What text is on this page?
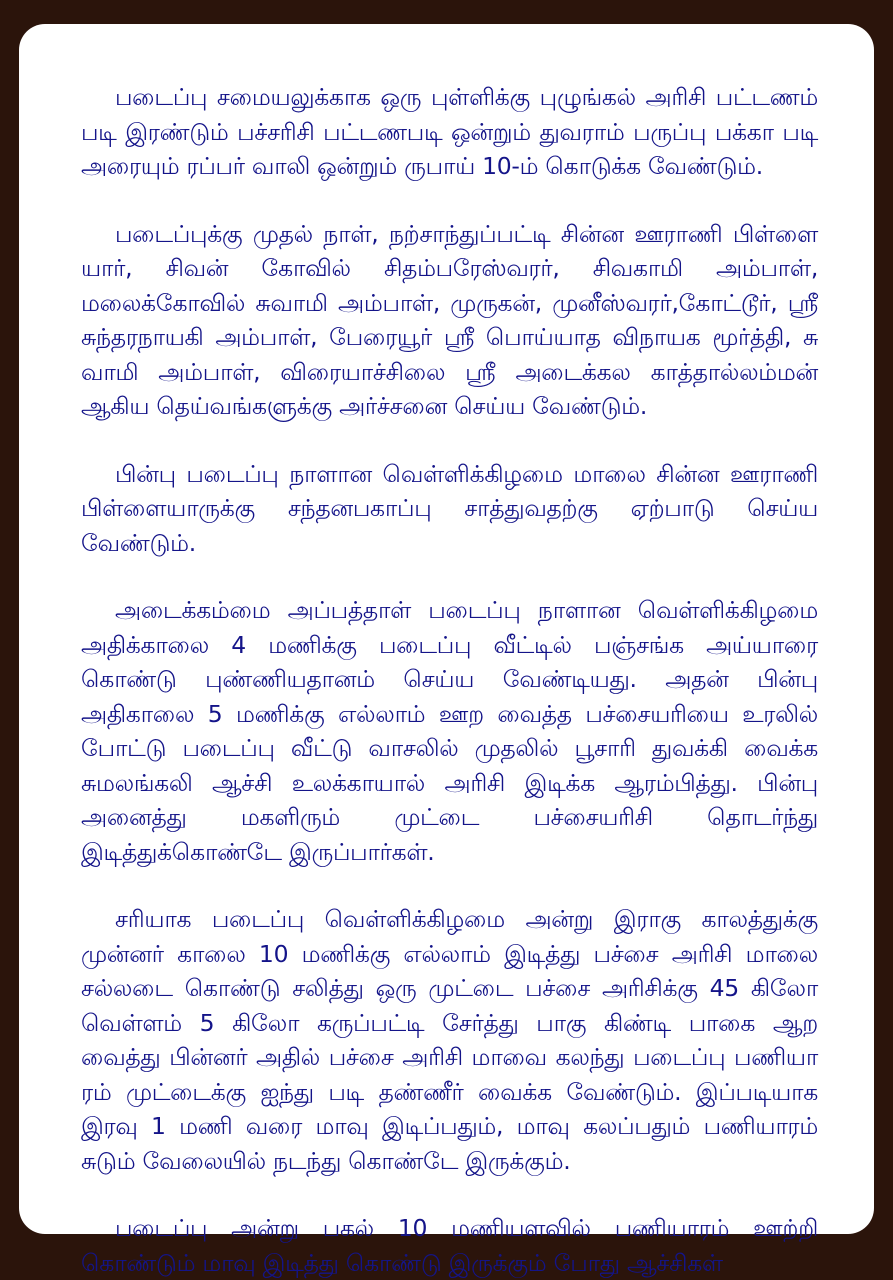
படைப்பு சமையலுக்காக ஒரு புள்ளிக்கு புழுங்கல் அரிசி பட்டணம் படி இரண்டும் பச்சரிசி பட்டணபடி ஒன்றும் துவராம் பருப்பு பக்கா படி அரையும் ரப்பர் வாலி ஒன்றும் ருபாய் 10-ம் கொடுக்க வேண்டும்.

படைப்புக்கு முதல் நாள், நற்சாந்துப்பட்டி சின்ன ஊராணி பிள்ளை யார், சிவன் கோவில் சிதம்பரேஸ்வரர், சிவகாமி அம்பாள், மலைக்கோவில் சுவாமி அம்பாள், முருகன், முனீஸ்வரர்,கோட்டூர், ஸ்ரீ சுந்தரநாயகி அம்பாள், பேரையூர் ஸ்ரீ பொய்யாத விநாயக மூர்த்தி, சு வாமி அம்பாள், விரையாச்சிலை ஸ்ரீ அடைக்கல காத்தால்லம்மன் ஆகிய தெய்வங்களுக்கு அர்ச்சனை செய்ய வேண்டும்.

பின்பு படைப்பு நாளான வெள்ளிக்கிழமை மாலை சின்ன ஊராணி பிள்ளையாருக்கு சந்தனபகாப்பு சாத்துவதற்கு ஏற்பாடு செய்ய வேண்டும்.

அடைக்கம்மை அப்பத்தாள் படைப்பு நாளான வெள்ளிக்கிழமை அதிக்காலை 4 மணிக்கு படைப்பு வீட்டில் பஞ்சங்க அய்யாரை கொண்டு புண்ணியதானம் செய்ய வேண்டியது. அதன் பின்பு அதிகாலை 5 மணிக்கு எல்லாம் ஊற வைத்த பச்சையரியை உரலில் போட்டு படைப்பு வீட்டு வாசலில் முதலில் பூசாரி துவக்கி வைக்க சுமலங்கலி ஆச்சி உலக்காயால் அரிசி இடிக்க ஆரம்பித்து. பின்பு அனைத்து மகளிரும் முட்டை பச்சையரிசி தொடர்ந்து இடித்துக்கொண்டே இருப்பார்கள்.

சரியாக படைப்பு வெள்ளிக்கிழமை அன்று இராகு காலத்துக்கு முன்னர் காலை 10 மணிக்கு எல்லாம் இடித்து பச்சை அரிசி மாலை சல்லடை கொண்டு சலித்து ஒரு முட்டை பச்சை அரிசிக்கு 45 கிலோ வெள்ளம் 5 கிலோ கருப்பட்டி சேர்த்து பாகு கிண்டி பாகை ஆற வைத்து பின்னர் அதில் பச்சை அரிசி மாவை கலந்து படைப்பு பணியா ரம் முட்டைக்கு ஐந்து படி தண்ணீர் வைக்க வேண்டும். இப்படியாக இரவு 1 மணி வரை மாவு இடிப்பதும், மாவு கலப்பதும் பணியாரம் சுடும் வேலையில் நடந்து கொண்டே இருக்கும்.

படைப்பு அன்று பகல் 10 மணியளவில் பணியாரம் ஊற்றி கொண்டும் மாவு இடித்து கொண்டு இருக்கும் போது ஆச்சிகள்
